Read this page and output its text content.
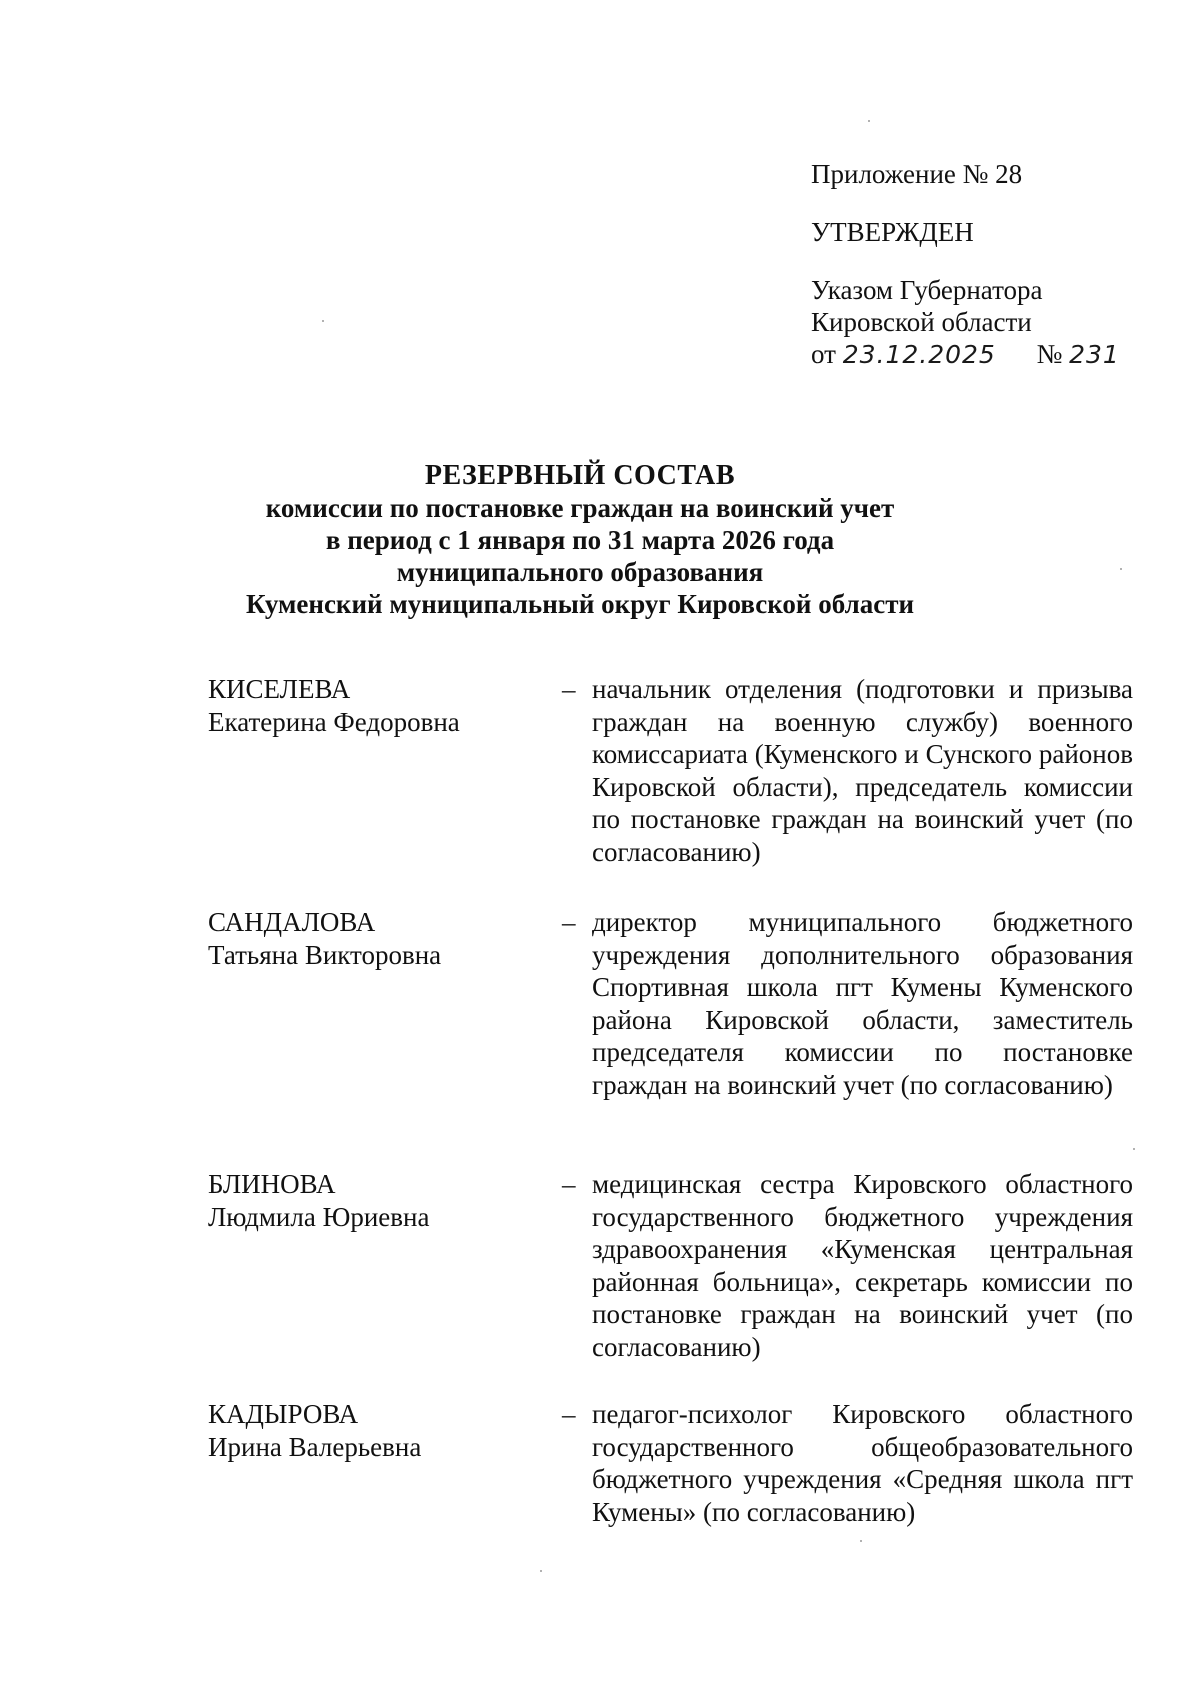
Приложение № 28
УТВЕРЖДЕН
Указом Губернатора
Кировской области
от 23.12.2025 № 231
РЕЗЕРВНЫЙ СОСТАВ
комиссии по постановке граждан на воинский учет
в период с 1 января по 31 марта 2026 года
муниципального образования
Куменский муниципальный округ Кировской области
КИСЕЛЕВА
Екатерина Федоровна
– начальник отделения (подготовки и призыва граждан на военную службу) военного комиссариата (Куменского и Сунского районов Кировской области), председатель комиссии по постановке граждан на воинский учет (по согласованию)
САНДАЛОВА
Татьяна Викторовна
– директор муниципального бюджетного учреждения дополнительного образования Спортивная школа пгт Кумены Куменского района Кировской области, заместитель председателя комиссии по постановке граждан на воинский учет (по согласованию)
БЛИНОВА
Людмила Юриевна
– медицинская сестра Кировского областного государственного бюджетного учреждения здравоохранения «Куменская центральная районная больница», секретарь комиссии по постановке граждан на воинский учет (по согласованию)
КАДЫРОВА
Ирина Валерьевна
– педагог-психолог Кировского областного государственного общеобразовательного бюджетного учреждения «Средняя школа пгт Кумены» (по согласованию)
